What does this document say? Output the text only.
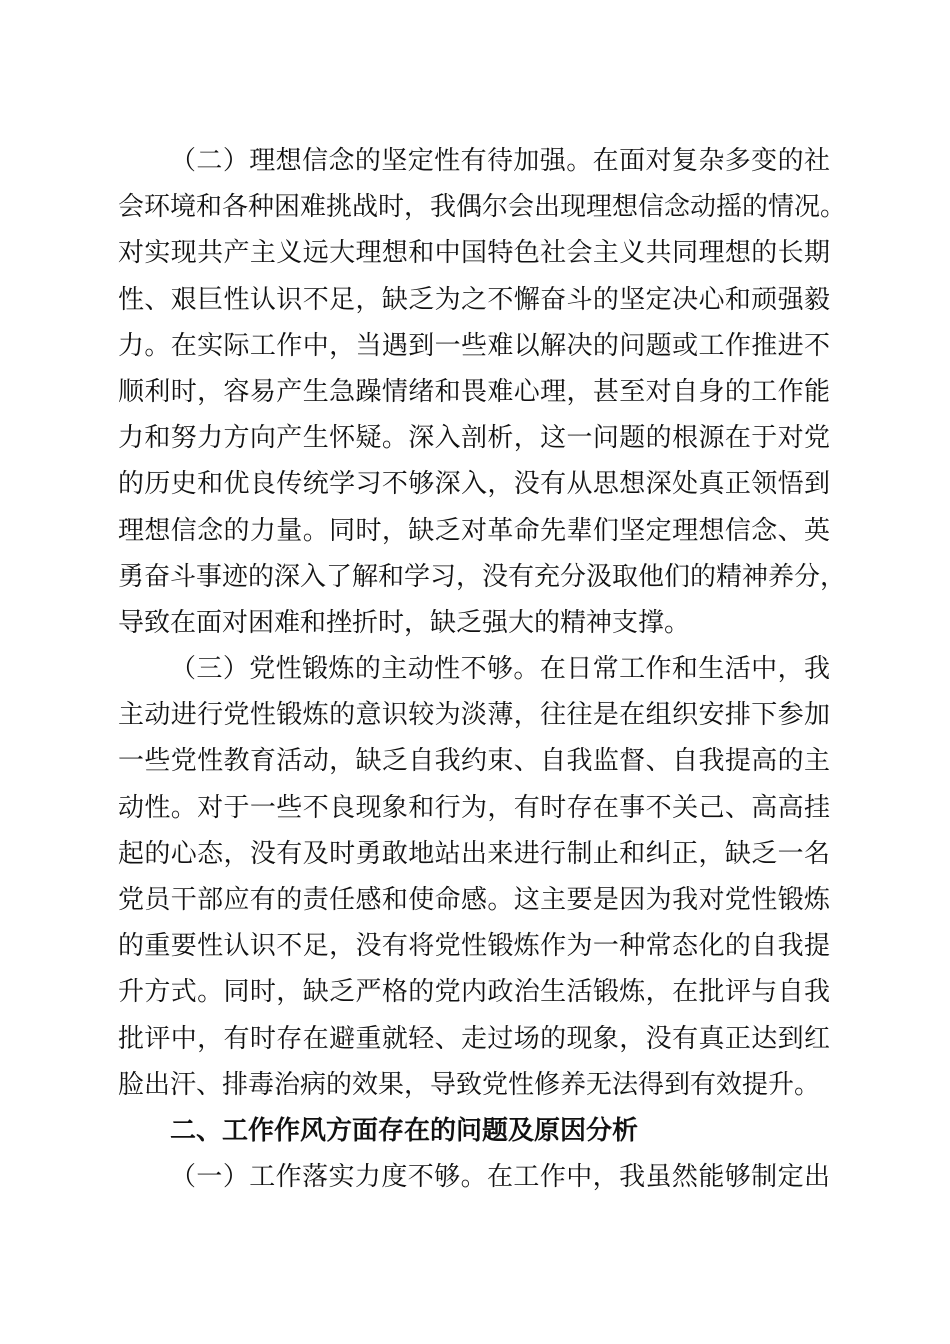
（二）理想信念的坚定性有待加强。在面对复杂多变的社
会环境和各种困难挑战时，我偶尔会出现理想信念动摇的情况。
对实现共产主义远大理想和中国特色社会主义共同理想的长期
性、艰巨性认识不足，缺乏为之不懈奋斗的坚定决心和顽强毅
力。在实际工作中，当遇到一些难以解决的问题或工作推进不
顺利时，容易产生急躁情绪和畏难心理，甚至对自身的工作能
力和努力方向产生怀疑。深入剖析，这一问题的根源在于对党
的历史和优良传统学习不够深入，没有从思想深处真正领悟到
理想信念的力量。同时，缺乏对革命先辈们坚定理想信念、英
勇奋斗事迹的深入了解和学习，没有充分汲取他们的精神养分，
导致在面对困难和挫折时，缺乏强大的精神支撑。
（三）党性锻炼的主动性不够。在日常工作和生活中，我
主动进行党性锻炼的意识较为淡薄，往往是在组织安排下参加
一些党性教育活动，缺乏自我约束、自我监督、自我提高的主
动性。对于一些不良现象和行为，有时存在事不关己、高高挂
起的心态，没有及时勇敢地站出来进行制止和纠正，缺乏一名
党员干部应有的责任感和使命感。这主要是因为我对党性锻炼
的重要性认识不足，没有将党性锻炼作为一种常态化的自我提
升方式。同时，缺乏严格的党内政治生活锻炼，在批评与自我
批评中，有时存在避重就轻、走过场的现象，没有真正达到红
脸出汗、排毒治病的效果，导致党性修养无法得到有效提升。
二、工作作风方面存在的问题及原因分析
（一）工作落实力度不够。在工作中，我虽然能够制定出
